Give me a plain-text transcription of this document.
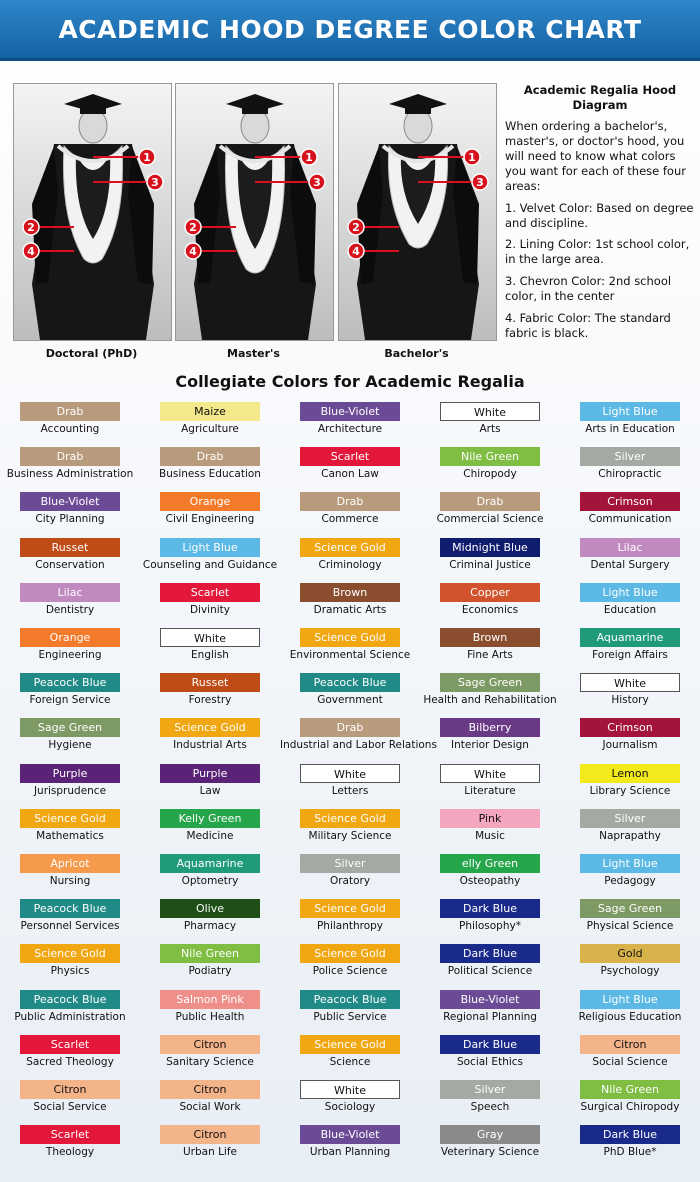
ACADEMIC HOOD DEGREE COLOR CHART
1
3
2
4
1
3
2
4
1
3
2
4
Doctoral (PhD)	Master's	Bachelor's
Academic Regalia Hood Diagram

When ordering a bachelor's, master's, or doctor's hood, you will need to know what colors you want for each of these four areas:

1. Velvet Color: Based on degree and discipline.

2. Lining Color: 1st school color, in the large area.

3. Chevron Color: 2nd school color, in the center

4. Fabric Color: The standard fabric is black.

Collegiate Colors for Academic Regalia
Drab
Accounting
Maize
Agriculture
Blue-Violet
Architecture
White
Arts
Light Blue
Arts in Education
Drab
Business Administration
Drab
Business Education
Scarlet
Canon Law
Nile Green
Chiropody
Silver
Chiropractic
Blue-Violet
City Planning
Orange
Civil Engineering
Drab
Commerce
Drab
Commercial Science
Crimson
Communication
Russet
Conservation
Light Blue
Counseling and Guidance
Science Gold
Criminology
Midnight Blue
Criminal Justice
Lilac
Dental Surgery
Lilac
Dentistry
Scarlet
Divinity
Brown
Dramatic Arts
Copper
Economics
Light Blue
Education
Orange
Engineering
White
English
Science Gold
Environmental Science
Brown
Fine Arts
Aquamarine
Foreign Affairs
Peacock Blue
Foreign Service
Russet
Forestry
Peacock Blue
Government
Sage Green
Health and Rehabilitation
White
History
Sage Green
Hygiene
Science Gold
Industrial Arts
Drab
Industrial and Labor Relations
Bilberry
Interior Design
Crimson
Journalism
Purple
Jurisprudence
Purple
Law
White
Letters
White
Literature
Lemon
Library Science
Science Gold
Mathematics
Kelly Green
Medicine
Science Gold
Military Science
Pink
Music
Silver
Naprapathy
Apricot
Nursing
Aquamarine
Optometry
Silver
Oratory
elly Green
Osteopathy
Light Blue
Pedagogy
Peacock Blue
Personnel Services
Olive
Pharmacy
Science Gold
Philanthropy
Dark Blue
Philosophy*
Sage Green
Physical Science
Science Gold
Physics
Nile Green
Podiatry
Science Gold
Police Science
Dark Blue
Political Science
Gold
Psychology
Peacock Blue
Public Administration
Salmon Pink
Public Health
Peacock Blue
Public Service
Blue-Violet
Regional Planning
Light Blue
Religious Education
Scarlet
Sacred Theology
Citron
Sanitary Science
Science Gold
Science
Dark Blue
Social Ethics
Citron
Social Science
Citron
Social Service
Citron
Social Work
White
Sociology
Silver
Speech
Nile Green
Surgical Chiropody
Scarlet
Theology
Citron
Urban Life
Blue-Violet
Urban Planning
Gray
Veterinary Science
Dark Blue
PhD Blue*
